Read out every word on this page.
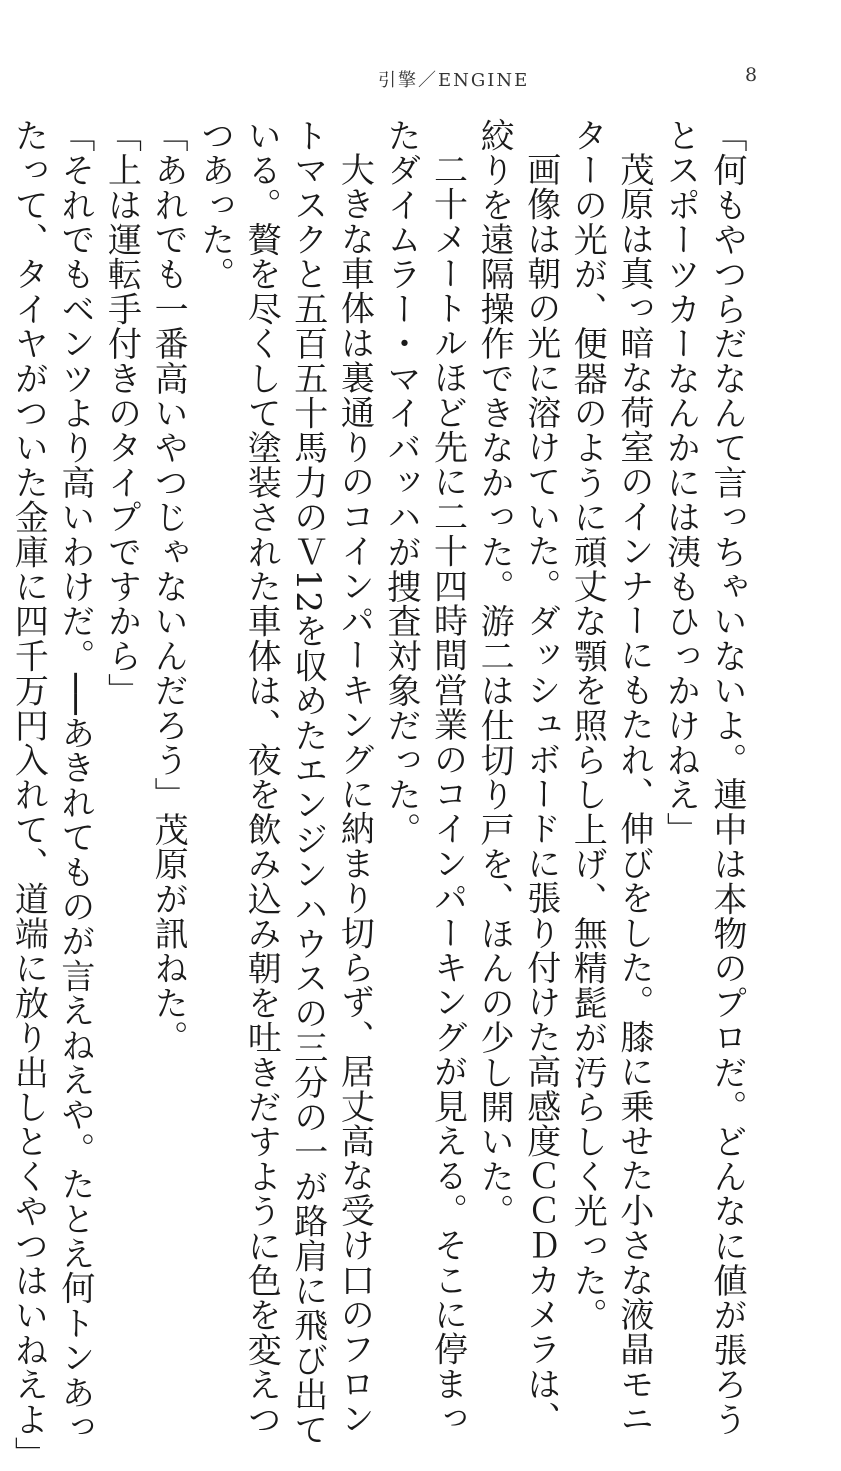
引擎／ENGINE	8
「何もやつらだなんて言っちゃいないよ。連中は本物のプロだ。どんなに値が張ろう
とスポーツカーなんかには洟もひっかけねえ」
茂原は真っ暗な荷室のインナーにもたれ、伸びをした。膝に乗せた小さな液晶モニ
ターの光が、便器のように頑丈な顎を照らし上げ、無精髭が汚らしく光った。
画像は朝の光に溶けていた。ダッシュボードに張り付けた高感度ＣＣＤカメラは、
絞りを遠隔操作できなかった。游二は仕切り戸を、ほんの少し開いた。
二十メートルほど先に二十四時間営業のコインパーキングが見える。そこに停まっ
たダイムラー・マイバッハが捜査対象だった。
大きな車体は裏通りのコインパーキングに納まり切らず、居丈高な受け口のフロン
トマスクと五百五十馬力のＶ12を収めたエンジンハウスの三分の一が路肩に飛び出て
いる。贅を尽くして塗装された車体は、夜を飲み込み朝を吐きだすように色を変えつ
つあった。
「あれでも一番高いやつじゃないんだろう」茂原が訊ねた。
「上は運転手付きのタイプですから」
「それでもベンツより高いわけだ。──あきれてものが言えねえや。たとえ何トンあっ
たって、タイヤがついた金庫に四千万円入れて、道端に放り出しとくやつはいねえよ」
